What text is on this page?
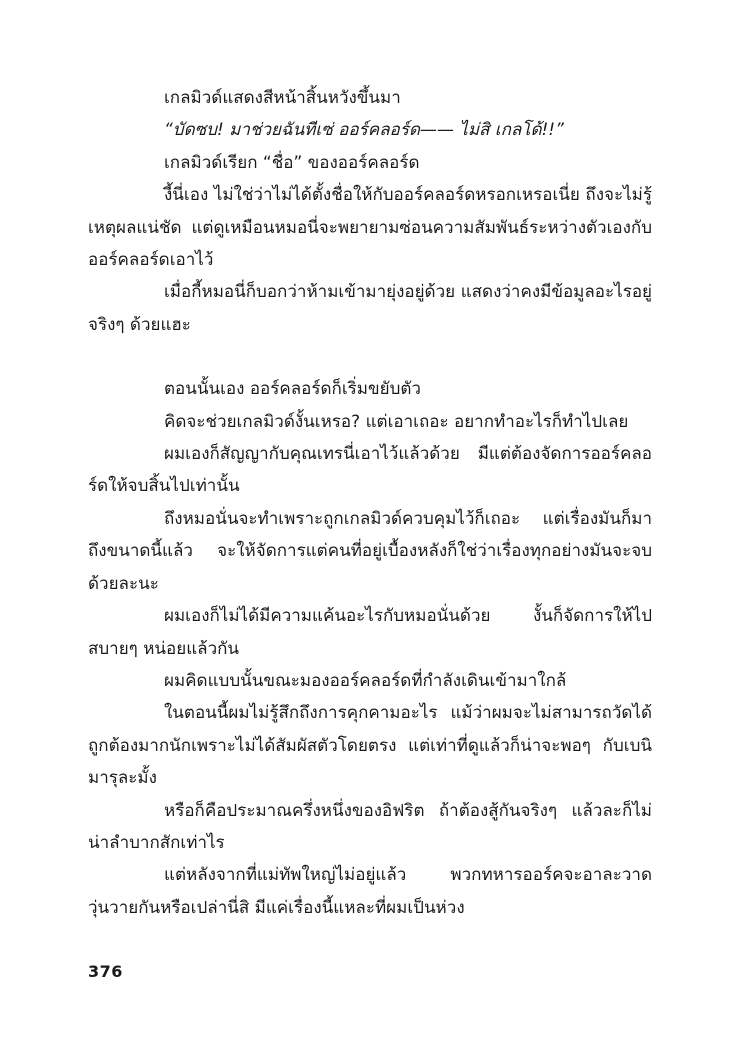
เกลมิวด์แสดงสีหน้าสิ้นหวังขึ้นมา

“บัดซบ! มาช่วยฉันทีเซ่ ออร์คลอร์ด—— ไม่สิ เกลโด้!!”

เกลมิวด์เรียก “ชื่อ” ของออร์คลอร์ด

งี้นี่เอง ไม่ใช่ว่าไม่ได้ตั้งชื่อให้กับออร์คลอร์ดหรอกเหรอเนี่ย ถึงจะไม่รู้เหตุผลแน่ชัด แต่ดูเหมือนหมอนี่จะพยายามซ่อนความสัมพันธ์ระหว่างตัวเองกับออร์คลอร์ดเอาไว้

เมื่อกี้หมอนี่ก็บอกว่าห้ามเข้ามายุ่งอยู่ด้วย แสดงว่าคงมีข้อมูลอะไรอยู่จริงๆ ด้วยแฮะ

ตอนนั้นเอง ออร์คลอร์ดก็เริ่มขยับตัว

คิดจะช่วยเกลมิวด์งั้นเหรอ? แต่เอาเถอะ อยากทำอะไรก็ทำไปเลย

ผมเองก็สัญญากับคุณเทรนี่เอาไว้แล้วด้วย มีแต่ต้องจัดการออร์คลอร์ดให้จบสิ้นไปเท่านั้น

ถึงหมอนั่นจะทำเพราะถูกเกลมิวด์ควบคุมไว้ก็เถอะ แต่เรื่องมันก็มาถึงขนาดนี้แล้ว จะให้จัดการแต่คนที่อยู่เบื้องหลังก็ใช่ว่าเรื่องทุกอย่างมันจะจบด้วยละนะ

ผมเองก็ไม่ได้มีความแค้นอะไรกับหมอนั่นด้วย งั้นก็จัดการให้ไปสบายๆ หน่อยแล้วกัน

ผมคิดแบบนั้นขณะมองออร์คลอร์ดที่กำลังเดินเข้ามาใกล้

ในตอนนี้ผมไม่รู้สึกถึงการคุกคามอะไร แม้ว่าผมจะไม่สามารถวัดได้ถูกต้องมากนักเพราะไม่ได้สัมผัสตัวโดยตรง แต่เท่าที่ดูแล้วก็น่าจะพอๆ กับเบนิมารุละมั้ง

หรือก็คือประมาณครึ่งหนึ่งของอิฟริต ถ้าต้องสู้กันจริงๆ แล้วละก็ไม่น่าลำบากสักเท่าไร

แต่หลังจากที่แม่ทัพใหญ่ไม่อยู่แล้ว พวกทหารออร์คจะอาละวาดวุ่นวายกันหรือเปล่านี่สิ มีแค่เรื่องนี้แหละที่ผมเป็นห่วง

376
